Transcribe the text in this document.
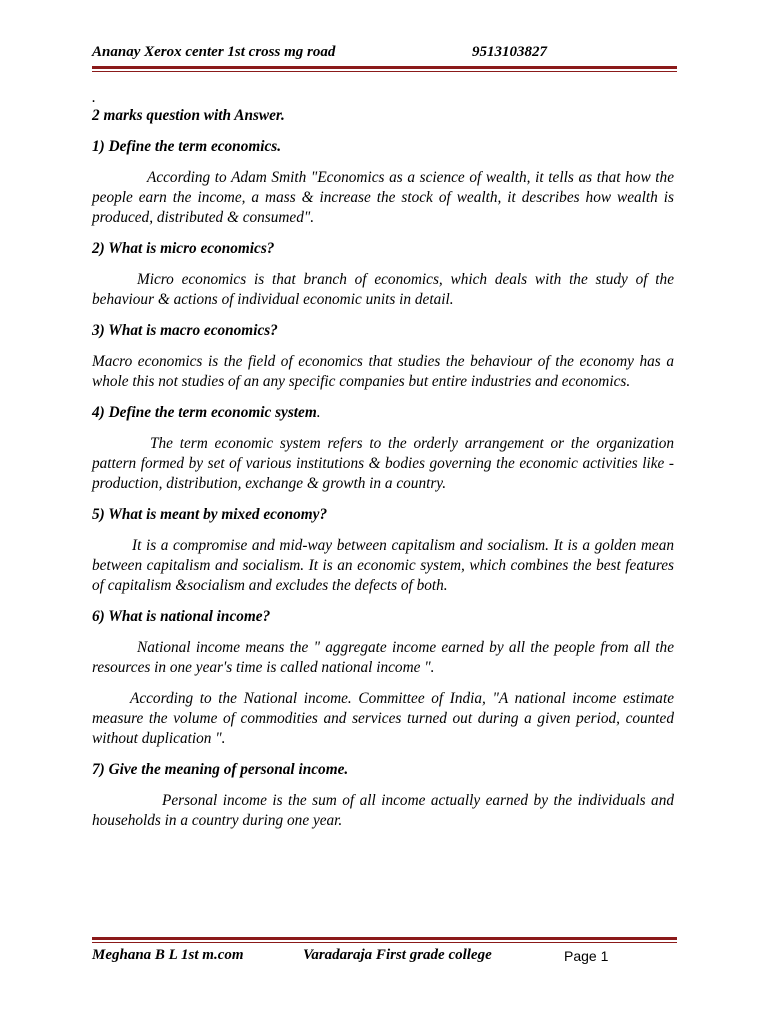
Ananay Xerox center 1st cross mg road	9513103827

.

2 marks question with Answer.

1) Define the term economics.

According to Adam Smith "Economics as a science of wealth, it tells as that how the people earn the income, a mass & increase the stock of wealth, it describes how wealth is produced, distributed & consumed".

2) What is micro economics?

Micro economics is that branch of economics, which deals with the study of the behaviour & actions of individual economic units in detail.

3) What is macro economics?

Macro economics is the field of economics that studies the behaviour of the economy has a whole this not studies of an any specific companies but entire industries and economics.

4) Define the term economic system.

The term economic system refers to the orderly arrangement or the organization pattern formed by set of various institutions & bodies governing the economic activities like - production, distribution, exchange & growth in a country.

5) What is meant by mixed economy?

It is a compromise and mid-way between capitalism and socialism. It is a golden mean between capitalism and socialism. It is an economic system, which combines the best features of capitalism &socialism and excludes the defects of both.

6) What is national income?

National income means the " aggregate income earned by all the people from all the resources in one year's time is called national income ".

According to the National income. Committee of India, "A national income estimate measure the volume of commodities and services turned out during a given period, counted without duplication ".

7) Give the meaning of personal income.

Personal income is the sum of all income actually earned by the individuals and households in a country during one year.

Meghana B L 1st m.com	Varadaraja First grade college	Page 1
